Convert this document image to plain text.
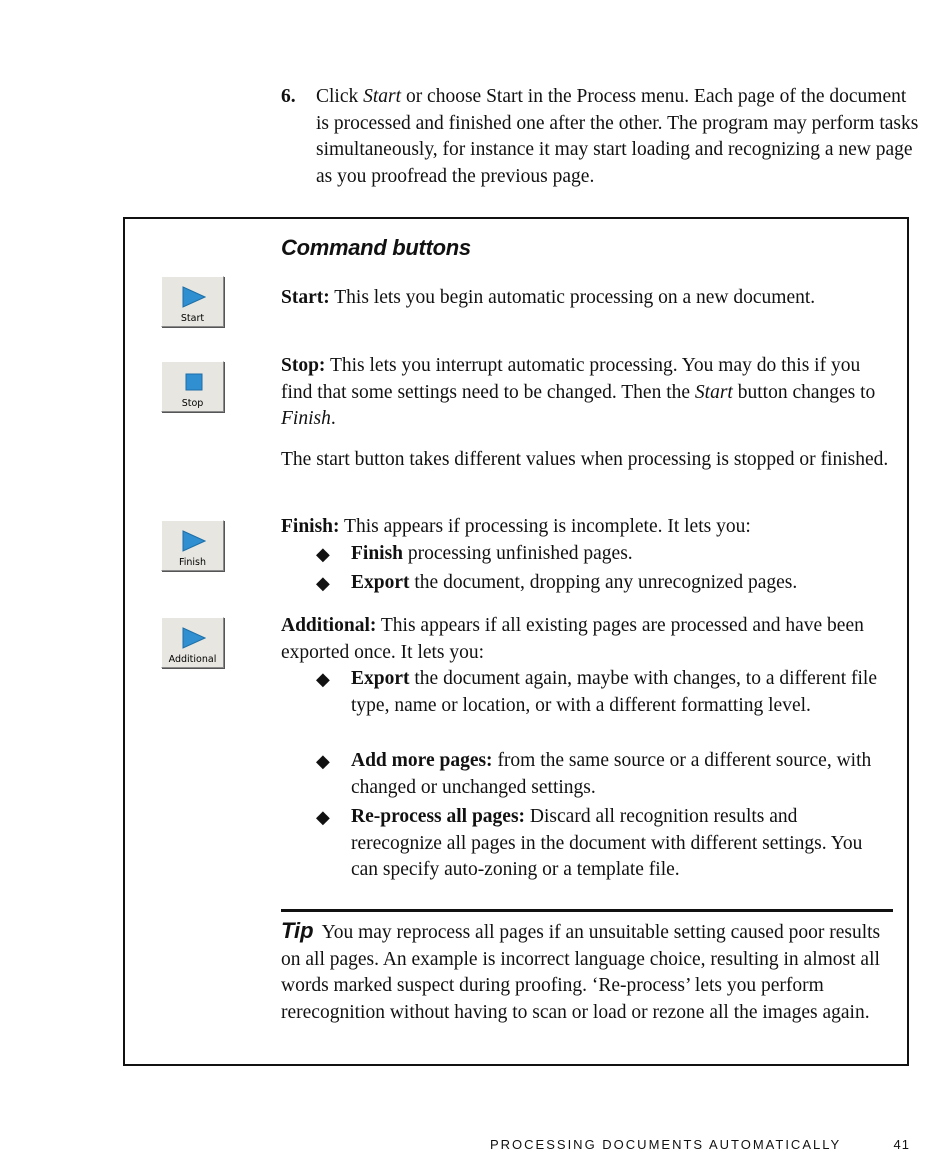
6. Click Start or choose Start in the Process menu. Each page of the document is processed and finished one after the other. The program may perform tasks simultaneously, for instance it may start loading and recognizing a new page as you proofread the previous page.
Command buttons
Start
Stop
Finish
Additional
Start: This lets you begin automatic processing on a new document.
Stop: This lets you interrupt automatic processing. You may do this if you find that some settings need to be changed. Then the Start button changes to Finish.
The start button takes different values when processing is stopped or finished.
Finish: This appears if processing is incomplete. It lets you:
◆ Finish processing unfinished pages.
◆ Export the document, dropping any unrecognized pages.
Additional: This appears if all existing pages are processed and have been exported once. It lets you:
◆ Export the document again, maybe with changes, to a different file type, name or location, or with a different formatting level.
◆ Add more pages: from the same source or a different source, with changed or unchanged settings.
◆ Re-process all pages: Discard all recognition results and rerecognize all pages in the document with different settings. You can specify auto-zoning or a template file.
Tip You may reprocess all pages if an unsuitable setting caused poor results on all pages. An example is incorrect language choice, resulting in almost all words marked suspect during proofing. ‘Re-process’ lets you perform rerecognition without having to scan or load or rezone all the images again.
PROCESSING DOCUMENTS AUTOMATICALLY	41
